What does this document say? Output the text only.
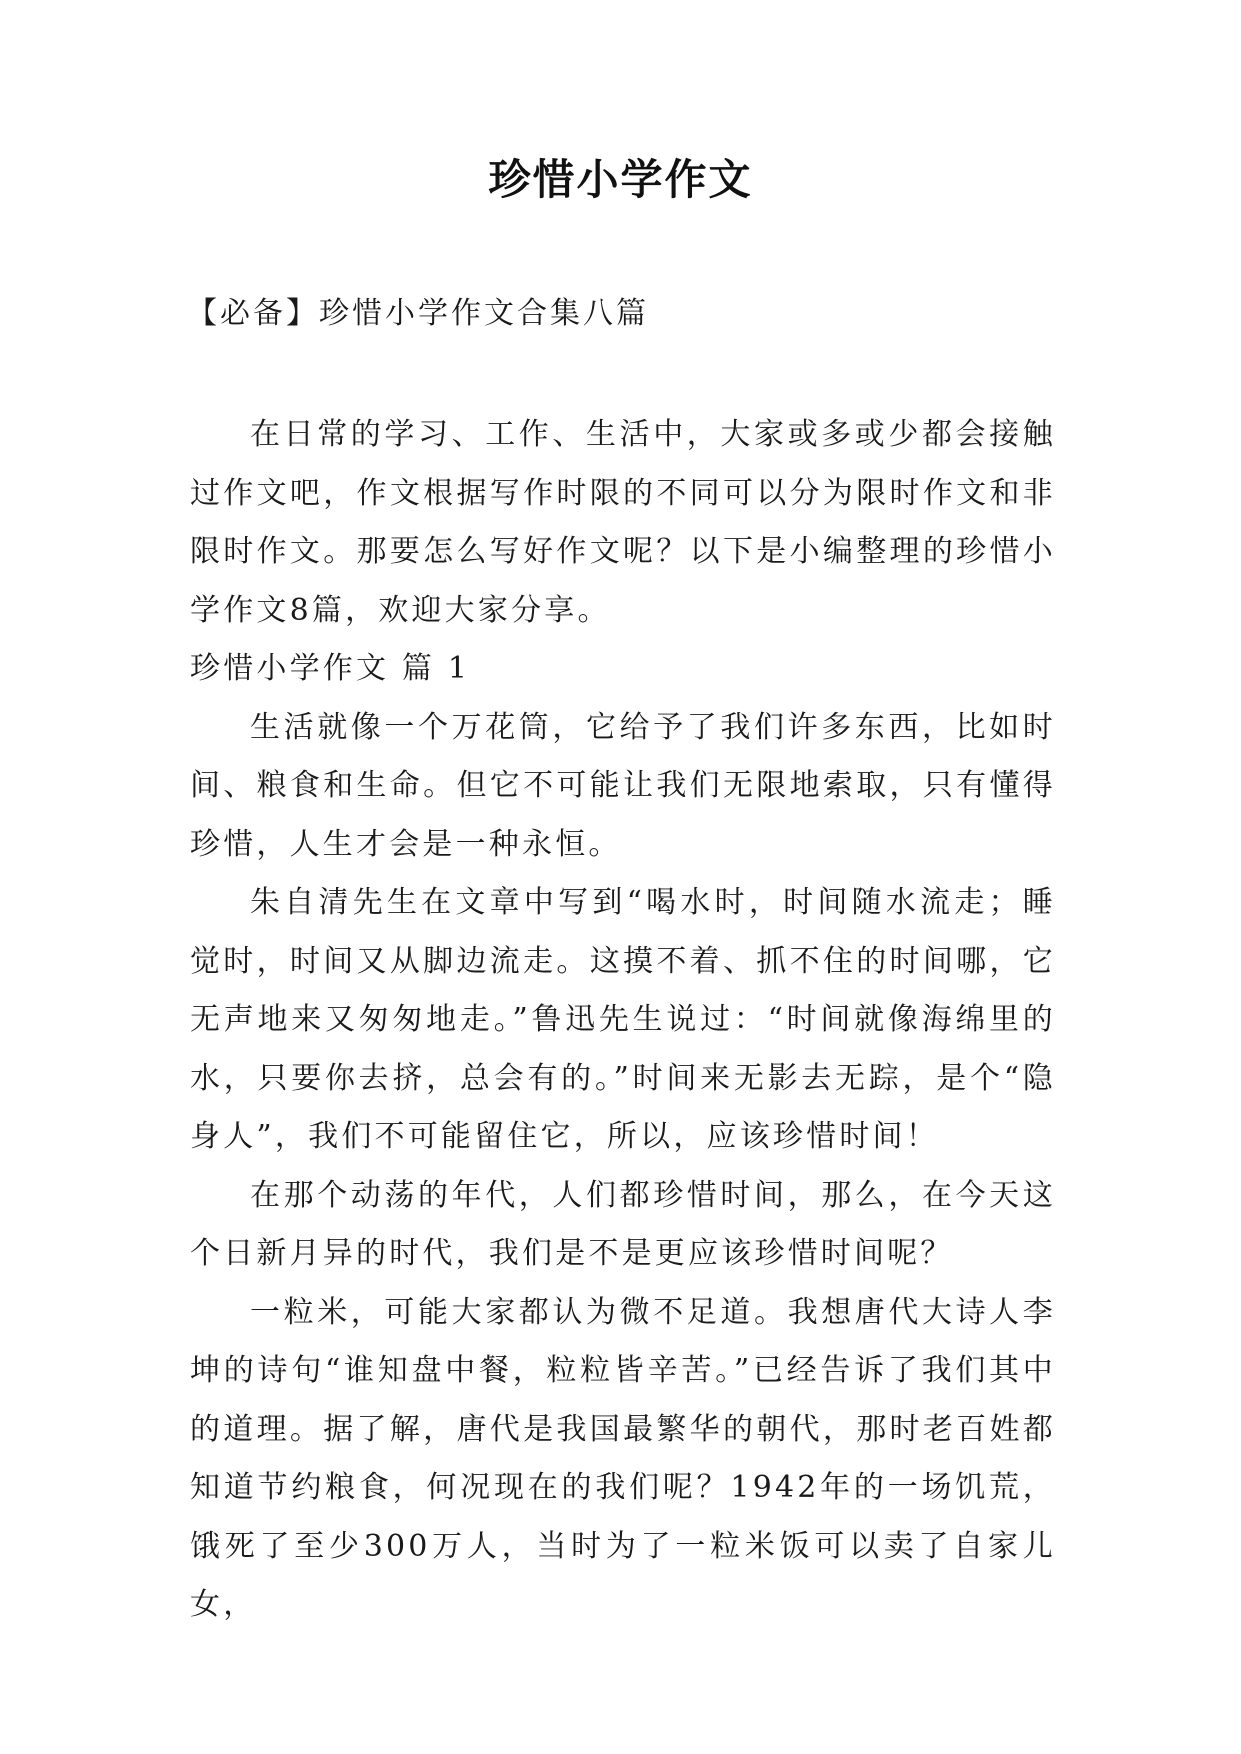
珍惜小学作文
【必备】珍惜小学作文合集八篇

在日常的学习、工作、生活中，大家或多或少都会接触过作文吧，作文根据写作时限的不同可以分为限时作文和非限时作文。那要怎么写好作文呢？以下是小编整理的珍惜小学作文8篇，欢迎大家分享。

珍惜小学作文 篇 1

生活就像一个万花筒，它给予了我们许多东西，比如时间、粮食和生命。但它不可能让我们无限地索取，只有懂得珍惜，人生才会是一种永恒。

朱自清先生在文章中写到“喝水时，时间随水流走；睡觉时，时间又从脚边流走。这摸不着、抓不住的时间哪，它无声地来又匆匆地走。”鲁迅先生说过：“时间就像海绵里的水，只要你去挤，总会有的。”时间来无影去无踪，是个“隐身人”，我们不可能留住它，所以，应该珍惜时间！

在那个动荡的年代，人们都珍惜时间，那么，在今天这个日新月异的时代，我们是不是更应该珍惜时间呢？

一粒米，可能大家都认为微不足道。我想唐代大诗人李坤的诗句“谁知盘中餐，粒粒皆辛苦。”已经告诉了我们其中的道理。据了解，唐代是我国最繁华的朝代，那时老百姓都知道节约粮食，何况现在的我们呢？1942年的一场饥荒，饿死了至少300万人，当时为了一粒米饭可以卖了自家儿女，
